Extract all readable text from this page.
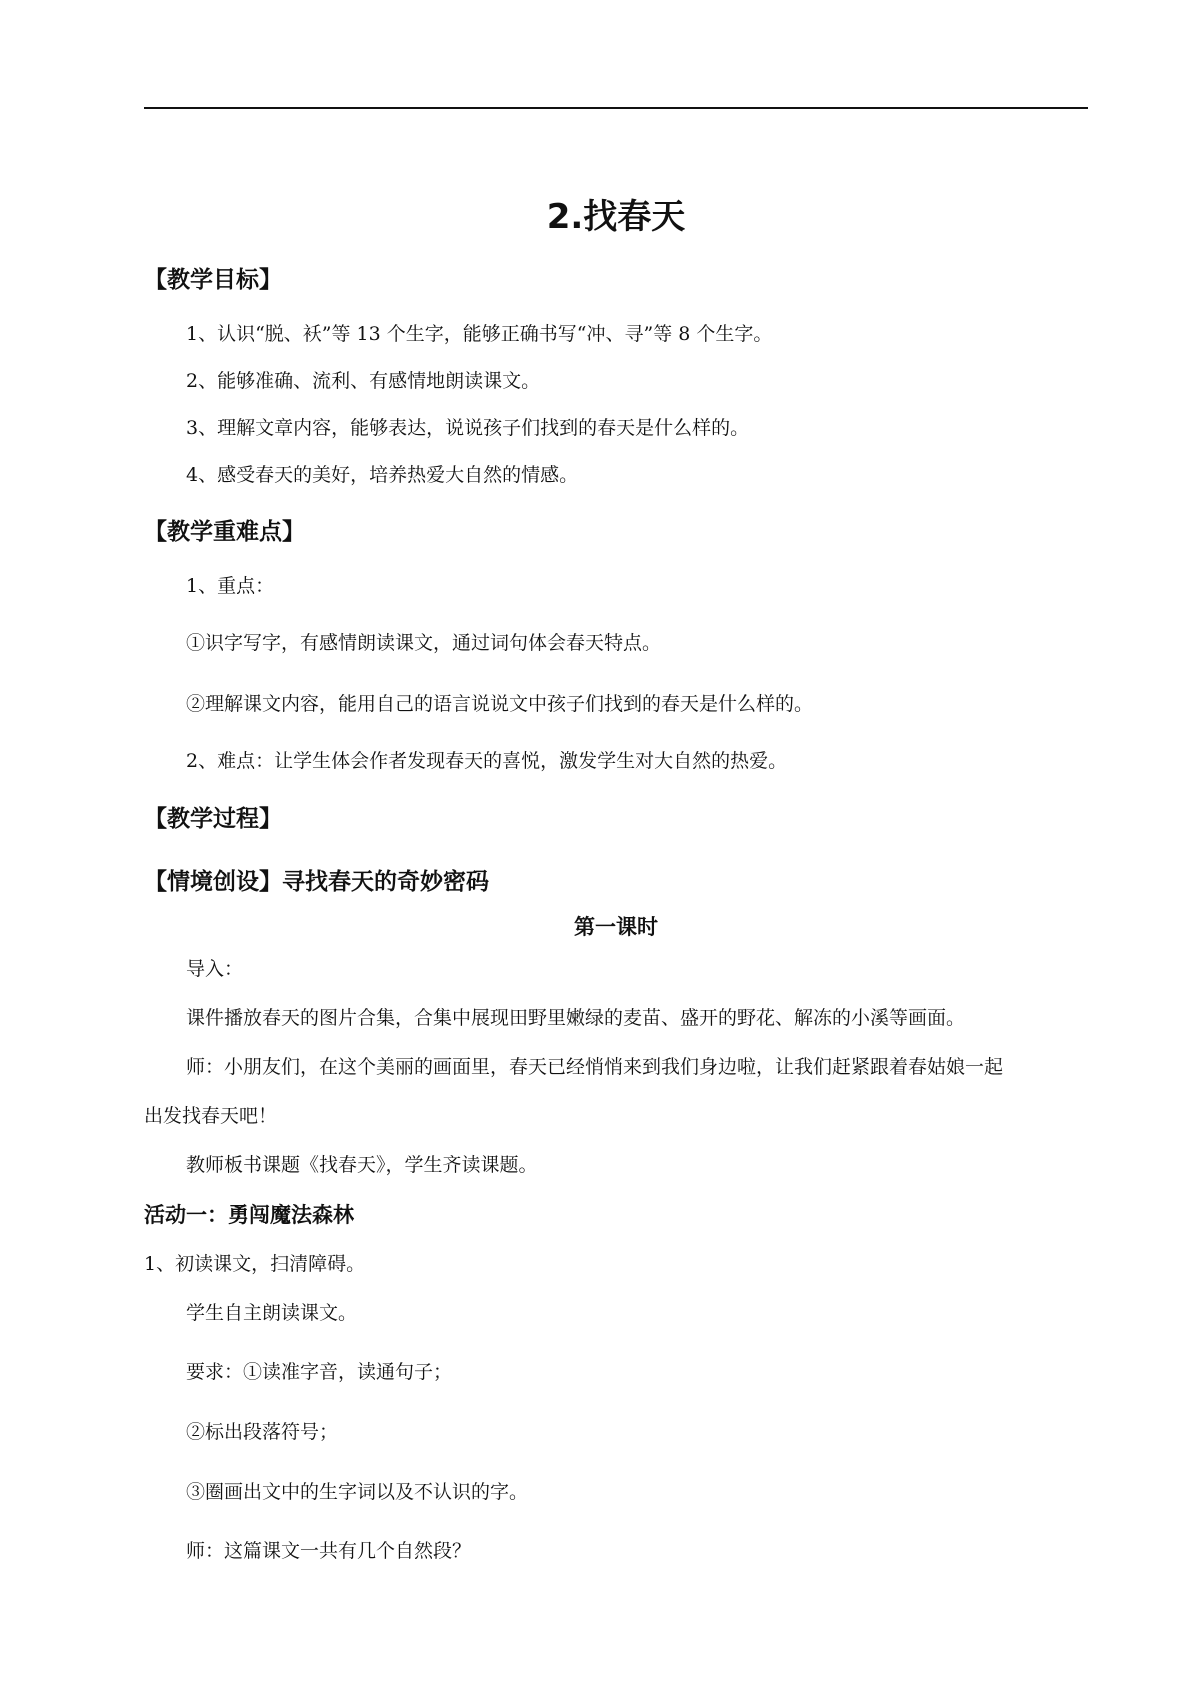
2.找春天
【教学目标】
1、认识“脱、袄”等 13 个生字，能够正确书写“冲、寻”等 8 个生字。
2、能够准确、流利、有感情地朗读课文。
3、理解文章内容，能够表达，说说孩子们找到的春天是什么样的。
4、感受春天的美好，培养热爱大自然的情感。
【教学重难点】
1、重点：
①识字写字，有感情朗读课文，通过词句体会春天特点。
②理解课文内容，能用自己的语言说说文中孩子们找到的春天是什么样的。
2、难点：让学生体会作者发现春天的喜悦，激发学生对大自然的热爱。
【教学过程】
【情境创设】寻找春天的奇妙密码
第一课时
导入：
课件播放春天的图片合集，合集中展现田野里嫩绿的麦苗、盛开的野花、解冻的小溪等画面。
师：小朋友们，在这个美丽的画面里，春天已经悄悄来到我们身边啦，让我们赶紧跟着春姑娘一起
出发找春天吧！
教师板书课题《找春天》，学生齐读课题。
活动一：勇闯魔法森林
1、初读课文，扫清障碍。
学生自主朗读课文。
要求：①读准字音，读通句子；
②标出段落符号；
③圈画出文中的生字词以及不认识的字。
师：这篇课文一共有几个自然段？
